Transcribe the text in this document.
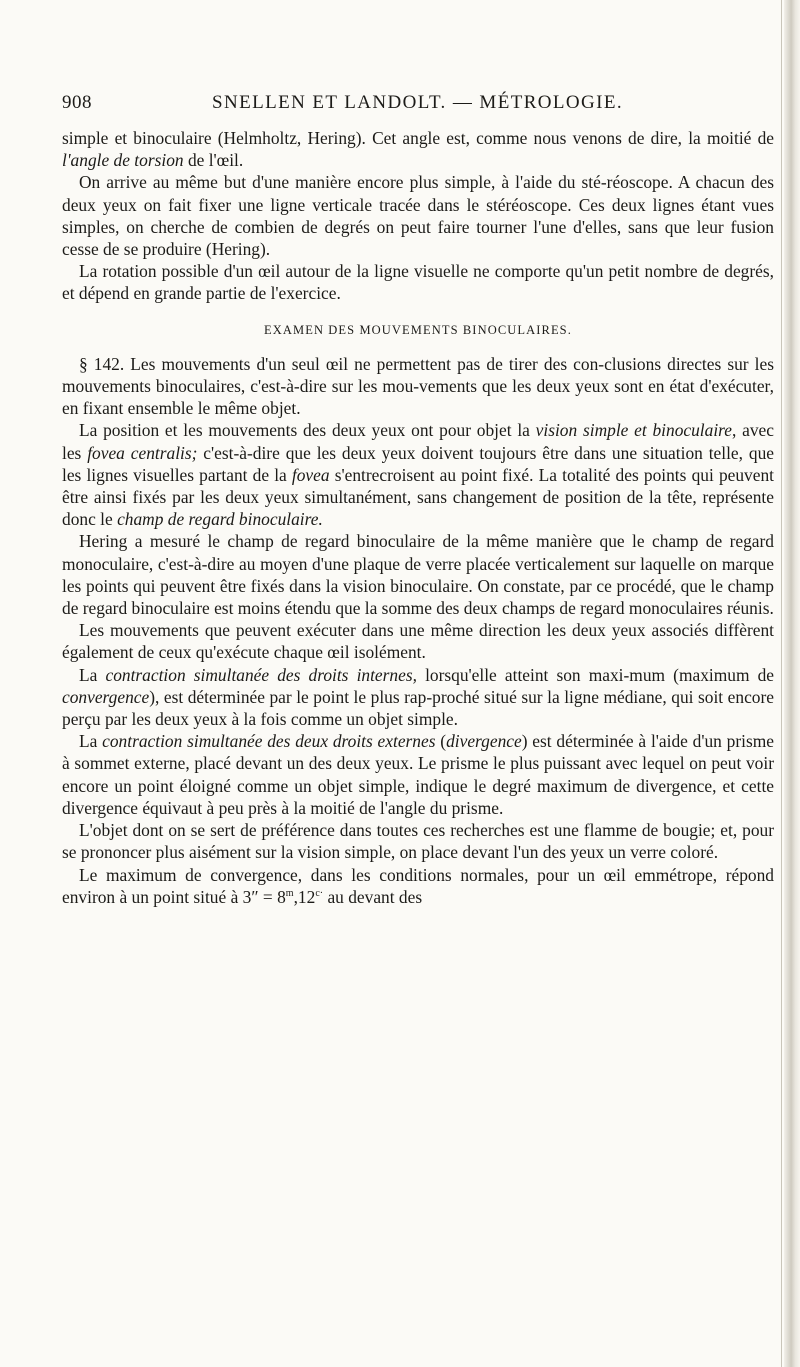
908	SNELLEN ET LANDOLT. — MÉTROLOGIE.

simple et binoculaire (Helmholtz, Hering). Cet angle est, comme nous venons de dire, la moitié de l'angle de torsion de l'œil.

On arrive au même but d'une manière encore plus simple, à l'aide du sté-réoscope. A chacun des deux yeux on fait fixer une ligne verticale tracée dans le stéréoscope. Ces deux lignes étant vues simples, on cherche de combien de degrés on peut faire tourner l'une d'elles, sans que leur fusion cesse de se produire (Hering).

La rotation possible d'un œil autour de la ligne visuelle ne comporte qu'un petit nombre de degrés, et dépend en grande partie de l'exercice.

EXAMEN DES MOUVEMENTS BINOCULAIRES.

§ 142. Les mouvements d'un seul œil ne permettent pas de tirer des con-clusions directes sur les mouvements binoculaires, c'est-à-dire sur les mou-vements que les deux yeux sont en état d'exécuter, en fixant ensemble le même objet.

La position et les mouvements des deux yeux ont pour objet la vision simple et binoculaire, avec les fovea centralis; c'est-à-dire que les deux yeux doivent toujours être dans une situation telle, que les lignes visuelles partant de la fovea s'entrecroisent au point fixé. La totalité des points qui peuvent être ainsi fixés par les deux yeux simultanément, sans changement de position de la tête, représente donc le champ de regard binoculaire.

Hering a mesuré le champ de regard binoculaire de la même manière que le champ de regard monoculaire, c'est-à-dire au moyen d'une plaque de verre placée verticalement sur laquelle on marque les points qui peuvent être fixés dans la vision binoculaire. On constate, par ce procédé, que le champ de regard binoculaire est moins étendu que la somme des deux champs de regard monoculaires réunis.

Les mouvements que peuvent exécuter dans une même direction les deux yeux associés diffèrent également de ceux qu'exécute chaque œil isolément.

La contraction simultanée des droits internes, lorsqu'elle atteint son maxi-mum (maximum de convergence), est déterminée par le point le plus rap-proché situé sur la ligne médiane, qui soit encore perçu par les deux yeux à la fois comme un objet simple.

La contraction simultanée des deux droits externes (divergence) est déterminée à l'aide d'un prisme à sommet externe, placé devant un des deux yeux. Le prisme le plus puissant avec lequel on peut voir encore un point éloigné comme un objet simple, indique le degré maximum de divergence, et cette divergence équivaut à peu près à la moitié de l'angle du prisme.

L'objet dont on se sert de préférence dans toutes ces recherches est une flamme de bougie; et, pour se prononcer plus aisément sur la vision simple, on place devant l'un des yeux un verre coloré.

Le maximum de convergence, dans les conditions normales, pour un œil emmétrope, répond environ à un point situé à $3'' = 8^m,12^{c\cdot}$ au devant des
